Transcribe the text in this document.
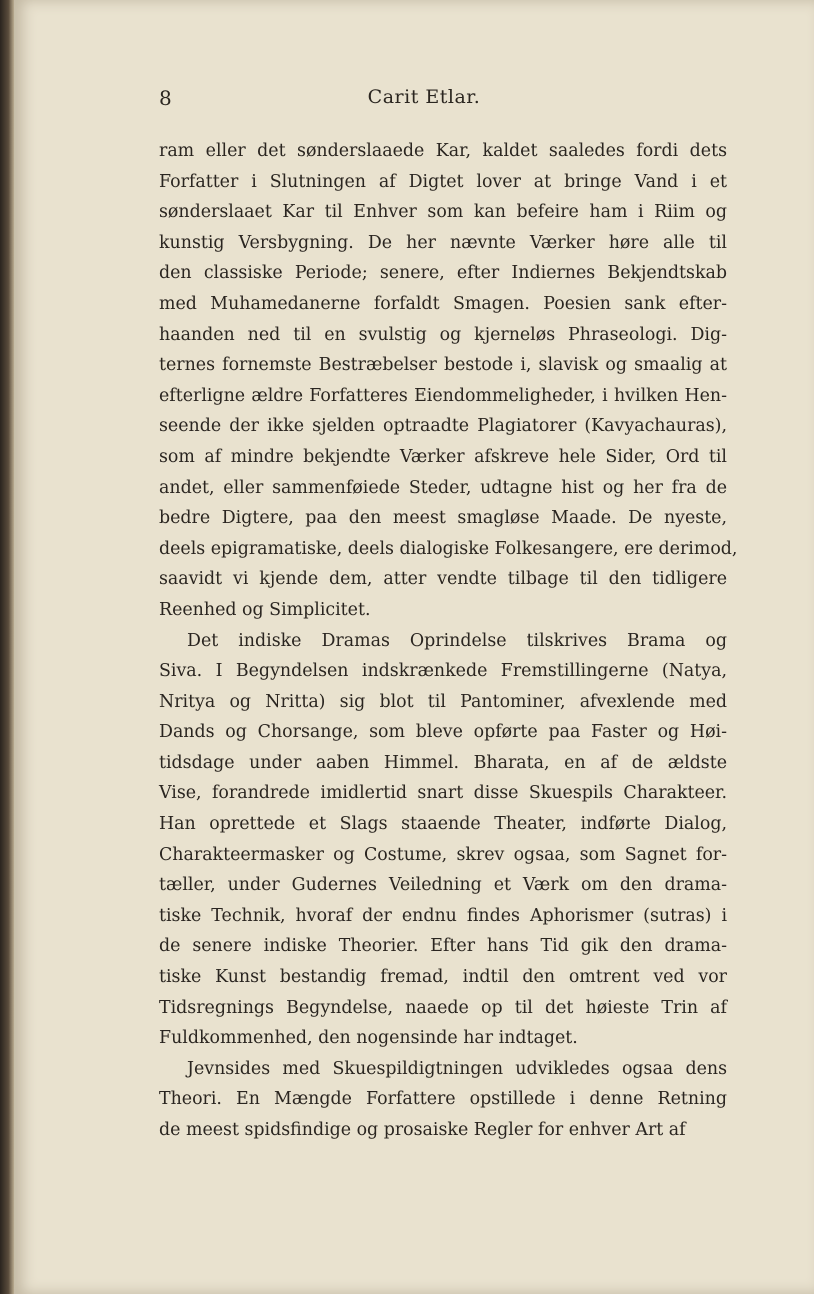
8	Carit Etlar.
ram eller det sønderslaaede Kar, kaldet saaledes fordi dets
Forfatter i Slutningen af Digtet lover at bringe Vand i et
sønderslaaet Kar til Enhver som kan befeire ham i Riim og
kunstig Versbygning. De her nævnte Værker høre alle til
den classiske Periode; senere, efter Indiernes Bekjendtskab
med Muhamedanerne forfaldt Smagen. Poesien sank efter-
haanden ned til en svulstig og kjerneløs Phraseologi. Dig-
ternes fornemste Bestræbelser bestode i, slavisk og smaalig at
efterligne ældre Forfatteres Eiendommeligheder, i hvilken Hen-
seende der ikke sjelden optraadte Plagiatorer (Kavyachauras),
som af mindre bekjendte Værker afskreve hele Sider, Ord til
andet, eller sammenføiede Steder, udtagne hist og her fra de
bedre Digtere, paa den meest smagløse Maade. De nyeste,
deels epigramatiske, deels dialogiske Folkesangere, ere derimod,
saavidt vi kjende dem, atter vendte tilbage til den tidligere
Reenhed og Simplicitet.
Det indiske Dramas Oprindelse tilskrives Brama og
Siva. I Begyndelsen indskrænkede Fremstillingerne (Natya,
Nritya og Nritta) sig blot til Pantominer, afvexlende med
Dands og Chorsange, som bleve opførte paa Faster og Høi-
tidsdage under aaben Himmel. Bharata, en af de ældste
Vise, forandrede imidlertid snart disse Skuespils Charakteer.
Han oprettede et Slags staaende Theater, indførte Dialog,
Charakteermasker og Costume, skrev ogsaa, som Sagnet for-
tæller, under Gudernes Veiledning et Værk om den drama-
tiske Technik, hvoraf der endnu findes Aphorismer (sutras) i
de senere indiske Theorier. Efter hans Tid gik den drama-
tiske Kunst bestandig fremad, indtil den omtrent ved vor
Tidsregnings Begyndelse, naaede op til det høieste Trin af
Fuldkommenhed, den nogensinde har indtaget.
Jevnsides med Skuespildigtningen udvikledes ogsaa dens
Theori. En Mængde Forfattere opstillede i denne Retning
de meest spidsfindige og prosaiske Regler for enhver Art af
